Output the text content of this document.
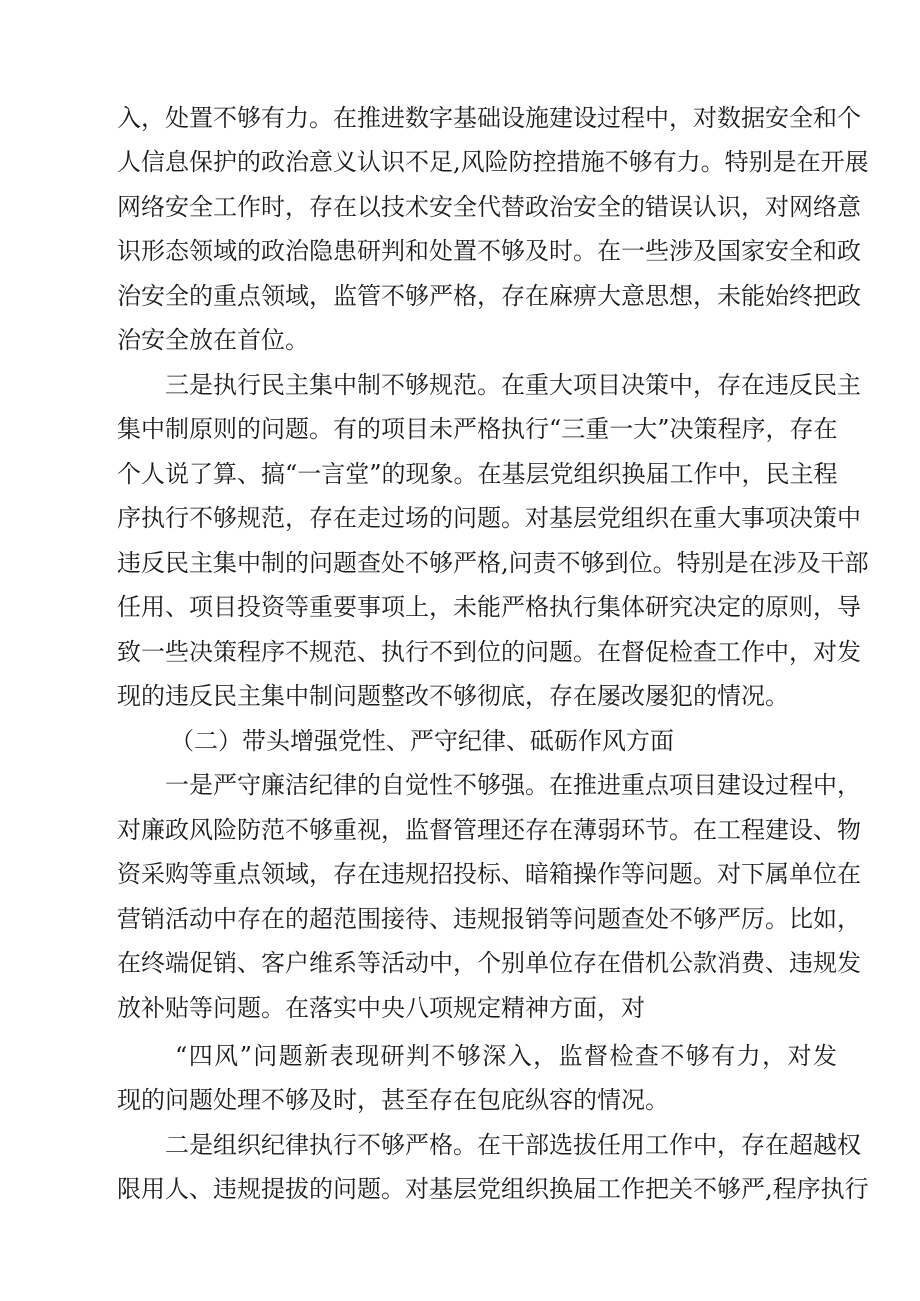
入，处置不够有力。在推进数字基础设施建设过程中，对数据安全和个
人信息保护的政治意义认识不足,风险防控措施不够有力。特别是在开展
网络安全工作时，存在以技术安全代替政治安全的错误认识，对网络意
识形态领域的政治隐患研判和处置不够及时。在一些涉及国家安全和政
治安全的重点领域，监管不够严格，存在麻痹大意思想，未能始终把政
治安全放在首位。
三是执行民主集中制不够规范。在重大项目决策中，存在违反民主
集中制原则的问题。有的项目未严格执行“三重一大”决策程序，存在
个人说了算、搞“一言堂”的现象。在基层党组织换届工作中，民主程
序执行不够规范，存在走过场的问题。对基层党组织在重大事项决策中
违反民主集中制的问题查处不够严格,问责不够到位。特别是在涉及干部
任用、项目投资等重要事项上，未能严格执行集体研究决定的原则，导
致一些决策程序不规范、执行不到位的问题。在督促检查工作中，对发
现的违反民主集中制问题整改不够彻底，存在屡改屡犯的情况。
（二）带头增强党性、严守纪律、砥砺作风方面
一是严守廉洁纪律的自觉性不够强。在推进重点项目建设过程中，
对廉政风险防范不够重视，监督管理还存在薄弱环节。在工程建设、物
资采购等重点领域，存在违规招投标、暗箱操作等问题。对下属单位在
营销活动中存在的超范围接待、违规报销等问题查处不够严厉。比如，
在终端促销、客户维系等活动中，个别单位存在借机公款消费、违规发
放补贴等问题。在落实中央八项规定精神方面，对
“四风”问题新表现研判不够深入，监督检查不够有力，对发
现的问题处理不够及时，甚至存在包庇纵容的情况。
二是组织纪律执行不够严格。在干部选拔任用工作中，存在超越权
限用人、违规提拔的问题。对基层党组织换届工作把关不够严,程序执行
